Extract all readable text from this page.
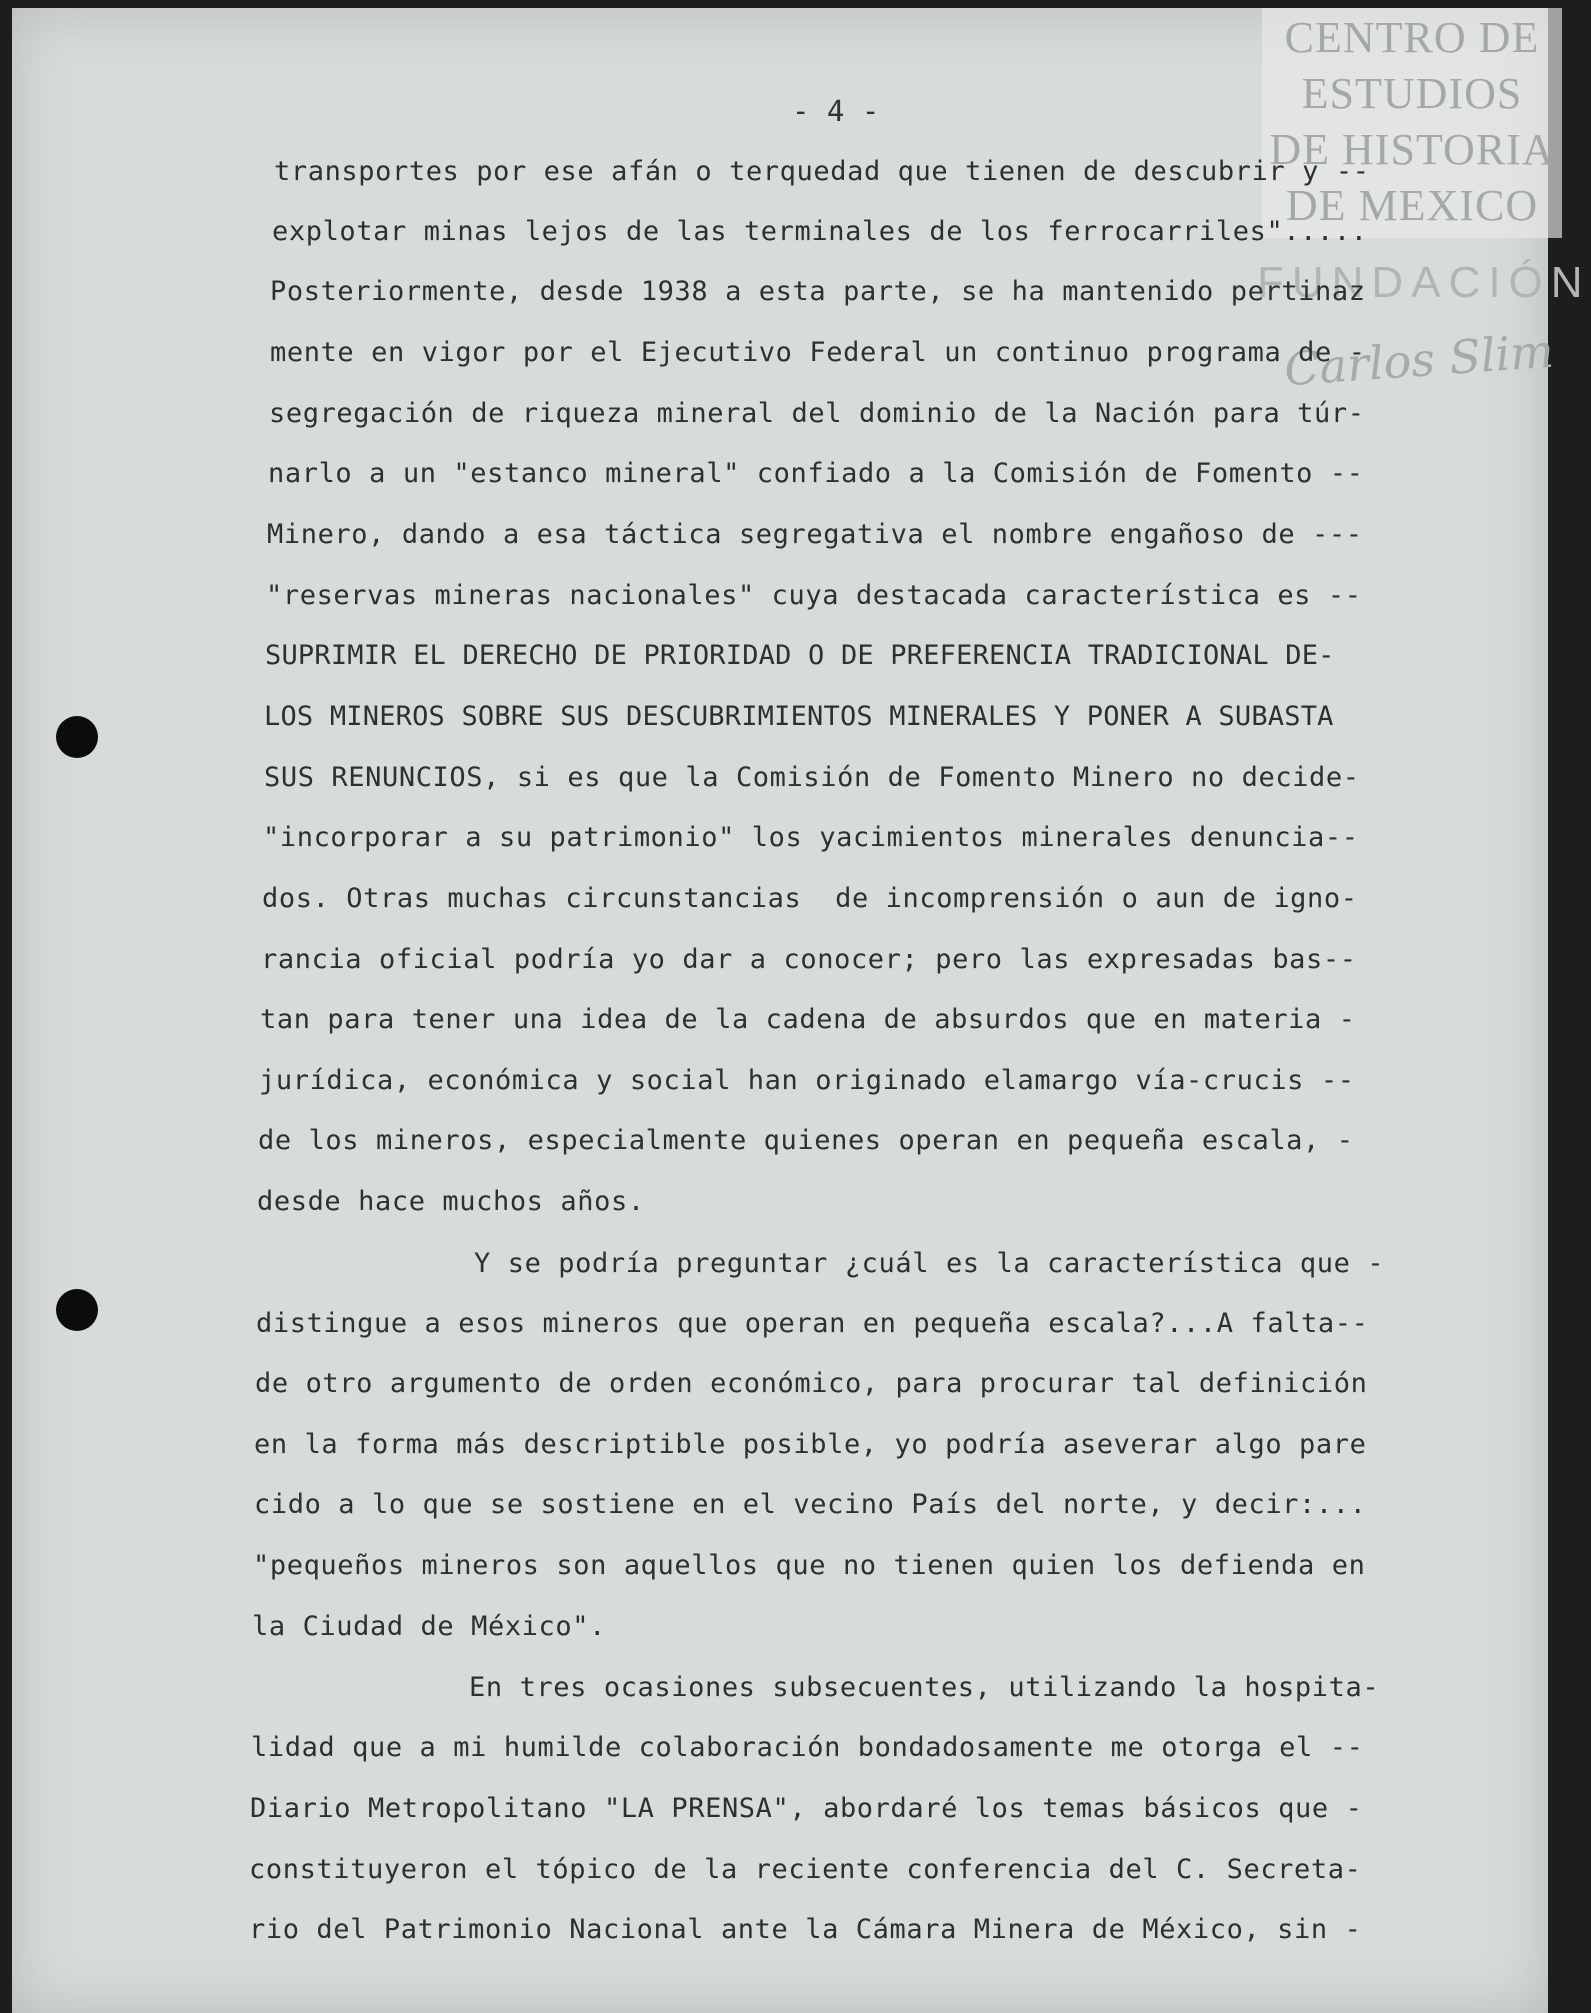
CENTRO DE
ESTUDIOS
DE HISTORIA
DE MEXICO
FUNDACIÓN
Carlos Slim
- 4 -
transportes por ese afán o terquedad que tienen de descubrir y --
explotar minas lejos de las terminales de los ferrocarriles".....
Posteriormente, desde 1938 a esta parte, se ha mantenido pertinaz
mente en vigor por el Ejecutivo Federal un continuo programa de -
segregación de riqueza mineral del dominio de la Nación para túr-
narlo a un "estanco mineral" confiado a la Comisión de Fomento --
Minero, dando a esa táctica segregativa el nombre engañoso de ---
"reservas mineras nacionales" cuya destacada característica es --
SUPRIMIR EL DERECHO DE PRIORIDAD O DE PREFERENCIA TRADICIONAL DE-
LOS MINEROS SOBRE SUS DESCUBRIMIENTOS MINERALES Y PONER A SUBASTA
SUS RENUNCIOS, si es que la Comisión de Fomento Minero no decide-
"incorporar a su patrimonio" los yacimientos minerales denuncia--
dos. Otras muchas circunstancias  de incomprensión o aun de igno-
rancia oficial podría yo dar a conocer; pero las expresadas bas--
tan para tener una idea de la cadena de absurdos que en materia -
jurídica, económica y social han originado elamargo vía-crucis --
de los mineros, especialmente quienes operan en pequeña escala, -
desde hace muchos años.
Y se podría preguntar ¿cuál es la característica que -
distingue a esos mineros que operan en pequeña escala?...A falta--
de otro argumento de orden económico, para procurar tal definición
en la forma más descriptible posible, yo podría aseverar algo pare
cido a lo que se sostiene en el vecino País del norte, y decir:...
"pequeños mineros son aquellos que no tienen quien los defienda en
la Ciudad de México".
En tres ocasiones subsecuentes, utilizando la hospita-
lidad que a mi humilde colaboración bondadosamente me otorga el --
Diario Metropolitano "LA PRENSA", abordaré los temas básicos que -
constituyeron el tópico de la reciente conferencia del C. Secreta-
rio del Patrimonio Nacional ante la Cámara Minera de México, sin -
